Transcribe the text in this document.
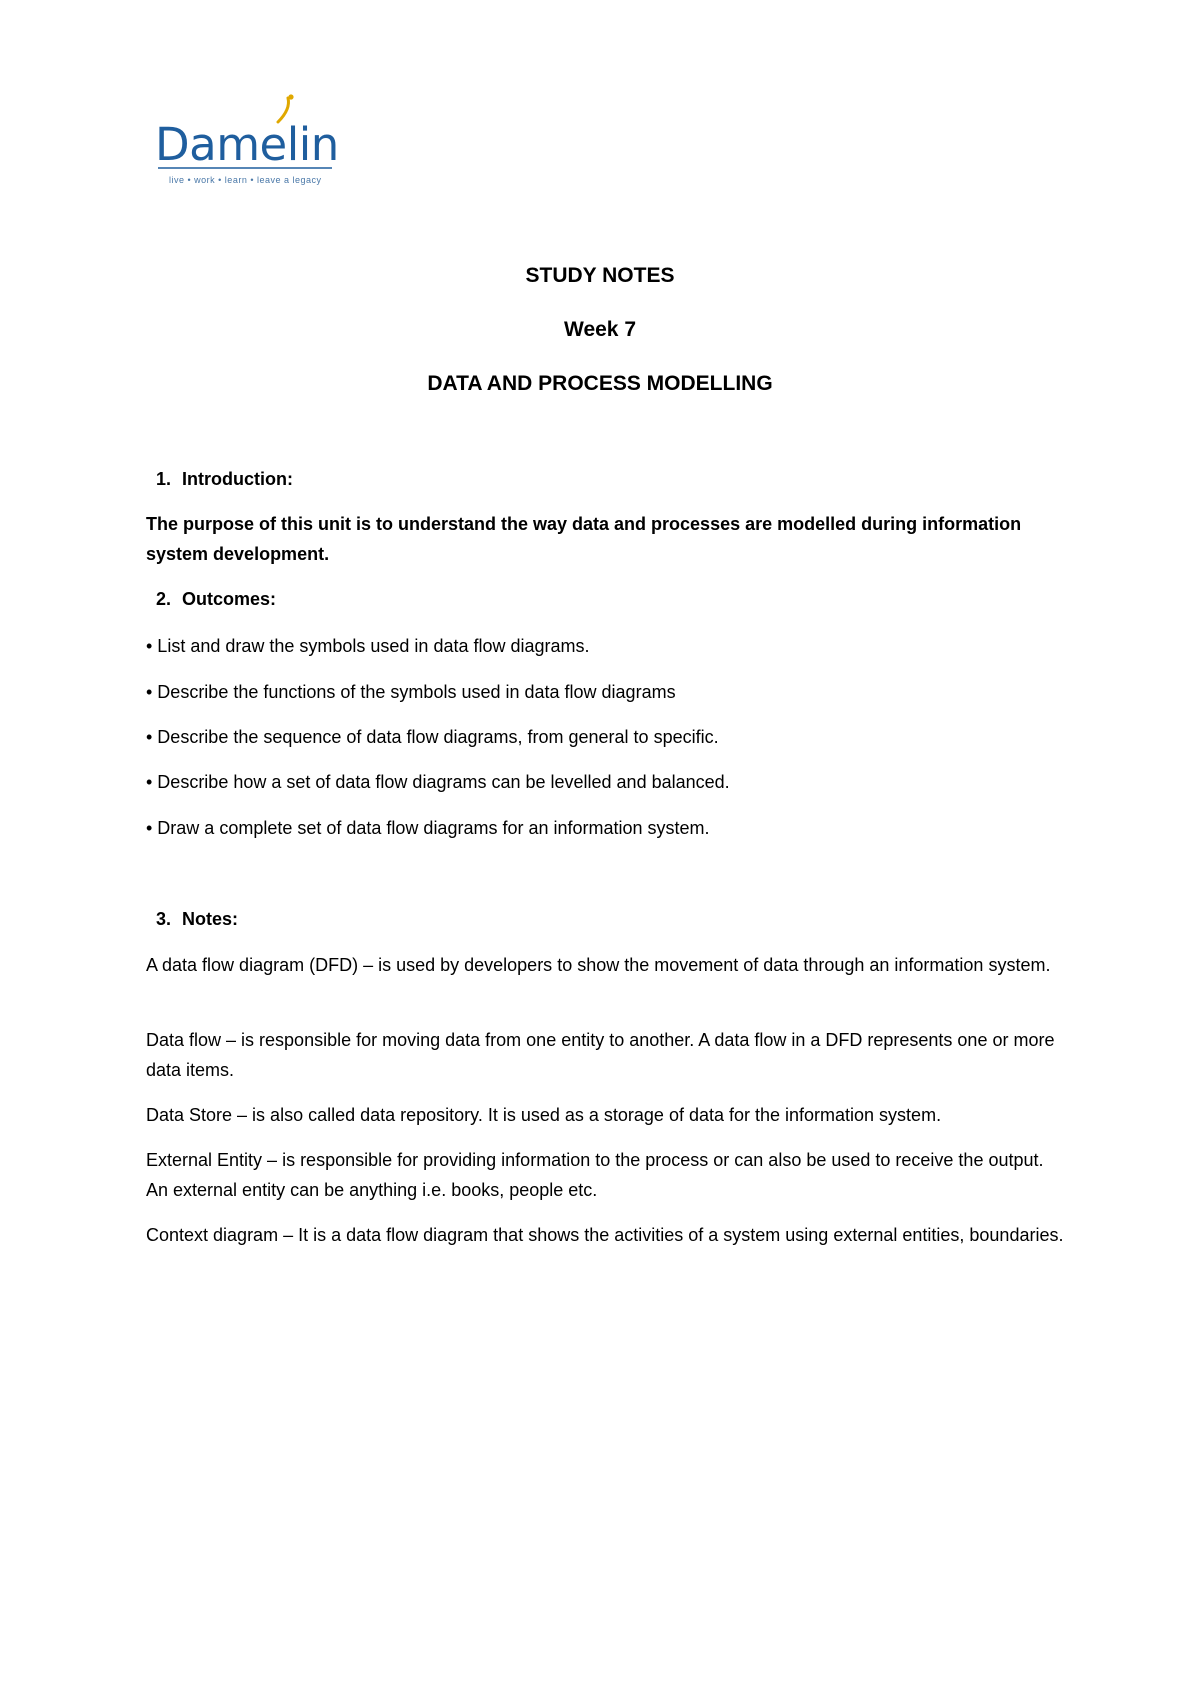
Damelin
live • work • learn • leave a legacy
STUDY NOTES
Week 7
DATA AND PROCESS MODELLING
1. Introduction:

The purpose of this unit is to understand the way data and processes are modelled during information system development.

2. Outcomes:
• List and draw the symbols used in data flow diagrams.
• Describe the functions of the symbols used in data flow diagrams
• Describe the sequence of data flow diagrams, from general to specific.
• Describe how a set of data flow diagrams can be levelled and balanced.
• Draw a complete set of data flow diagrams for an information system.
3. Notes:

A data flow diagram (DFD) – is used by developers to show the movement of data through an information system.

Data flow – is responsible for moving data from one entity to another. A data flow in a DFD represents one or more data items.

Data Store – is also called data repository. It is used as a storage of data for the information system.

External Entity – is responsible for providing information to the process or can also be used to receive the output. An external entity can be anything i.e. books, people etc.

Context diagram – It is a data flow diagram that shows the activities of a system using external entities, boundaries.
